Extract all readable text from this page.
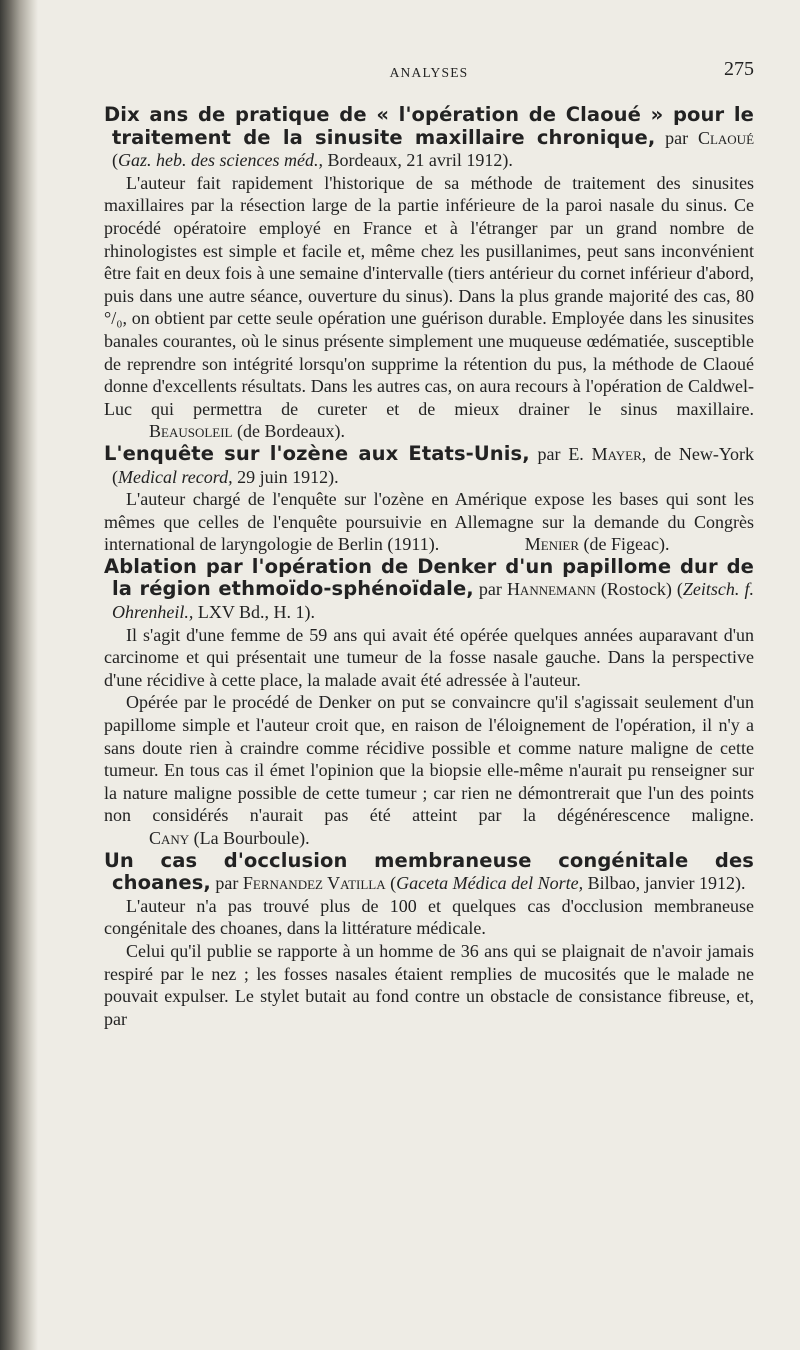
ANALYSES	275

Dix ans de pratique de « l'opération de Claoué » pour le traitement de la sinusite maxillaire chronique, par Claoué (Gaz. heb. des sciences méd., Bordeaux, 21 avril 1912).

L'auteur fait rapidement l'historique de sa méthode de traitement des sinusites maxillaires par la résection large de la partie inférieure de la paroi nasale du sinus. Ce procédé opératoire employé en France et à l'étranger par un grand nombre de rhinologistes est simple et facile et, même chez les pusillanimes, peut sans inconvénient être fait en deux fois à une semaine d'intervalle (tiers antérieur du cornet inférieur d'abord, puis dans une autre séance, ouverture du sinus). Dans la plus grande majorité des cas, 80 °/₀, on obtient par cette seule opération une guérison durable. Employée dans les sinusites banales courantes, où le sinus présente simplement une muqueuse œdématiée, susceptible de reprendre son intégrité lorsqu'on supprime la rétention du pus, la méthode de Claoué donne d'excellents résultats. Dans les autres cas, on aura recours à l'opération de Caldwel-Luc qui permettra de cureter et de mieux drainer le sinus maxillaire.           Beausoleil (de Bordeaux).

L'enquête sur l'ozène aux Etats-Unis, par E. Mayer, de New-York (Medical record, 29 juin 1912).

L'auteur chargé de l'enquête sur l'ozène en Amérique expose les bases qui sont les mêmes que celles de l'enquête poursuivie en Allemagne sur la demande du Congrès international de laryngologie de Berlin (1911).	Menier (de Figeac).

Ablation par l'opération de Denker d'un papillome dur de la région ethmoïdo-sphénoïdale, par Hannemann (Rostock) (Zeitsch. f. Ohrenheil., LXV Bd., H. 1).

Il s'agit d'une femme de 59 ans qui avait été opérée quelques années auparavant d'un carcinome et qui présentait une tumeur de la fosse nasale gauche. Dans la perspective d'une récidive à cette place, la malade avait été adressée à l'auteur.

Opérée par le procédé de Denker on put se convaincre qu'il s'agissait seulement d'un papillome simple et l'auteur croit que, en raison de l'éloignement de l'opération, il n'y a sans doute rien à craindre comme récidive possible et comme nature maligne de cette tumeur. En tous cas il émet l'opinion que la biopsie elle-même n'aurait pu renseigner sur la nature maligne possible de cette tumeur ; car rien ne démontrerait que l'un des points non considérés n'aurait pas été atteint par la dégénérescence maligne.           Cany (La Bourboule).

Un cas d'occlusion membraneuse congénitale des choanes, par Fernandez Vatilla (Gaceta Médica del Norte, Bilbao, janvier 1912).

L'auteur n'a pas trouvé plus de 100 et quelques cas d'occlusion membraneuse congénitale des choanes, dans la littérature médicale.

Celui qu'il publie se rapporte à un homme de 36 ans qui se plaignait de n'avoir jamais respiré par le nez ; les fosses nasales étaient remplies de mucosités que le malade ne pouvait expulser. Le stylet butait au fond contre un obstacle de consistance fibreuse, et, par
